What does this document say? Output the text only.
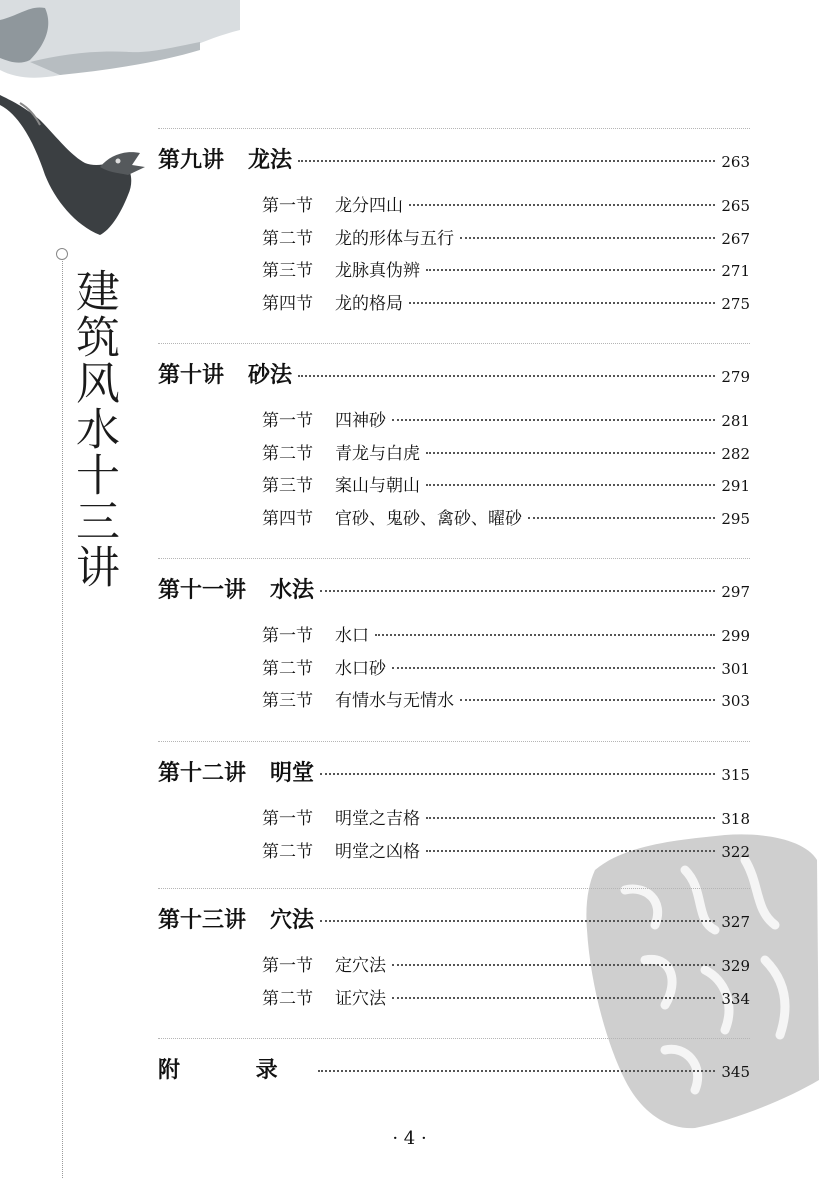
建筑风水十三讲
第九讲 龙法	263
第一节 龙分四山	265
第二节 龙的形体与五行	267
第三节 龙脉真伪辨	271
第四节 龙的格局	275
第十讲 砂法	279
第一节 四神砂	281
第二节 青龙与白虎	282
第三节 案山与朝山	291
第四节 官砂、鬼砂、禽砂、曜砂	295
第十一讲 水法	297
第一节 水口	299
第二节 水口砂	301
第三节 有情水与无情水	303
第十二讲 明堂	315
第一节 明堂之吉格	318
第二节 明堂之凶格	322
第十三讲 穴法	327
第一节 定穴法	329
第二节 证穴法	334
附 录	345
· 4 ·
